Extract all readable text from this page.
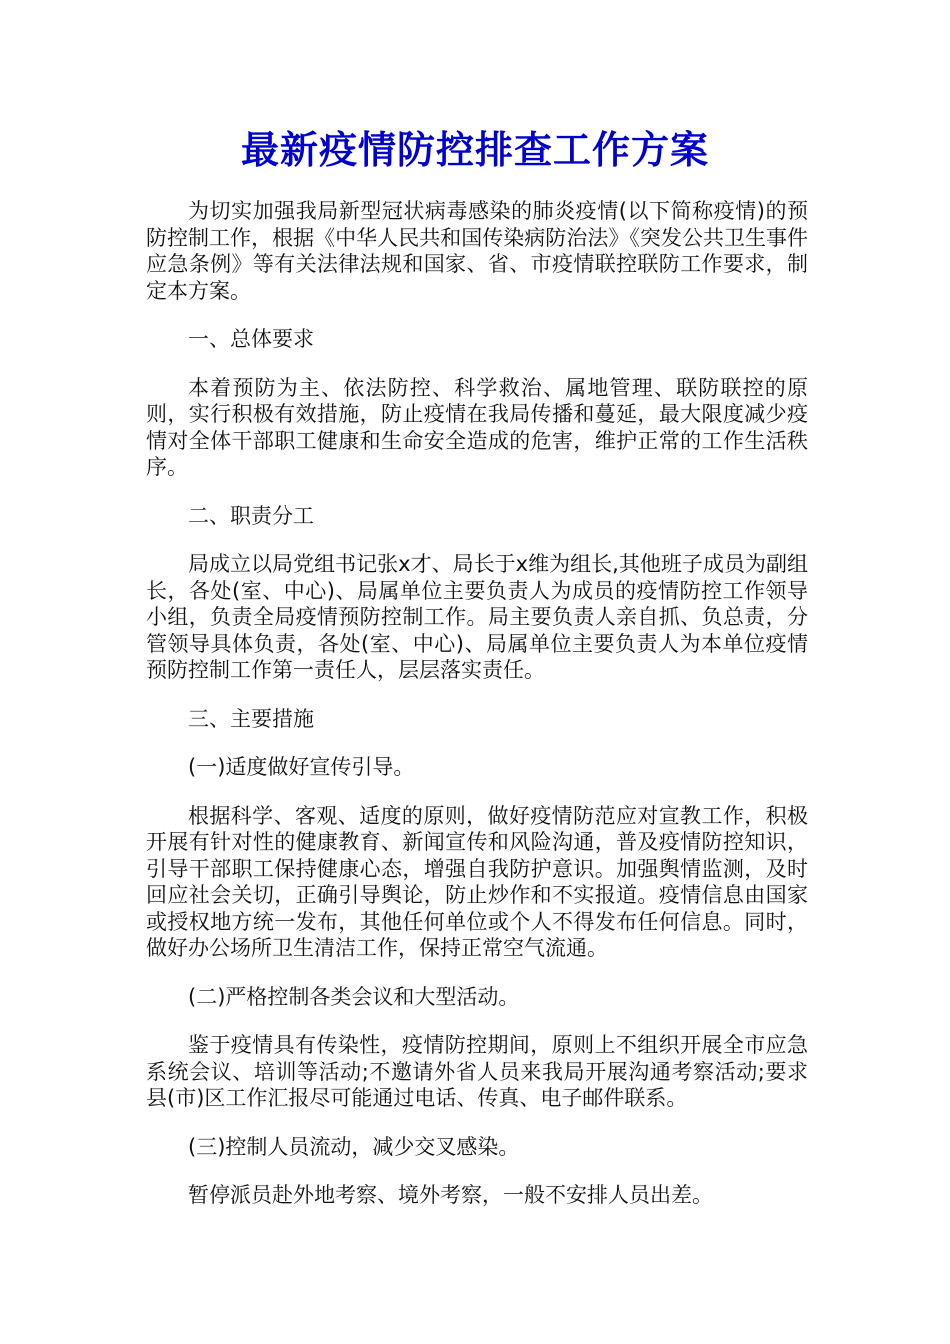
最新疫情防控排查工作方案

为切实加强我局新型冠状病毒感染的肺炎疫情(以下简称疫情)的预防控制工作，根据《中华人民共和国传染病防治法》《突发公共卫生事件应急条例》等有关法律法规和国家、省、市疫情联控联防工作要求，制定本方案。

一、总体要求

本着预防为主、依法防控、科学救治、属地管理、联防联控的原则，实行积极有效措施，防止疫情在我局传播和蔓延，最大限度减少疫情对全体干部职工健康和生命安全造成的危害，维护正常的工作生活秩序。

二、职责分工

局成立以局党组书记张x才、局长于x维为组长,其他班子成员为副组长，各处(室、中心)、局属单位主要负责人为成员的疫情防控工作领导小组，负责全局疫情预防控制工作。局主要负责人亲自抓、负总责，分管领导具体负责，各处(室、中心)、局属单位主要负责人为本单位疫情预防控制工作第一责任人，层层落实责任。

三、主要措施

(一)适度做好宣传引导。

根据科学、客观、适度的原则，做好疫情防范应对宣教工作，积极开展有针对性的健康教育、新闻宣传和风险沟通，普及疫情防控知识，引导干部职工保持健康心态，增强自我防护意识。加强舆情监测，及时回应社会关切，正确引导舆论，防止炒作和不实报道。疫情信息由国家或授权地方统一发布，其他任何单位或个人不得发布任何信息。同时，做好办公场所卫生清洁工作，保持正常空气流通。

(二)严格控制各类会议和大型活动。

鉴于疫情具有传染性，疫情防控期间，原则上不组织开展全市应急系统会议、培训等活动;不邀请外省人员来我局开展沟通考察活动;要求县(市)区工作汇报尽可能通过电话、传真、电子邮件联系。

(三)控制人员流动，减少交叉感染。

暂停派员赴外地考察、境外考察，一般不安排人员出差。
